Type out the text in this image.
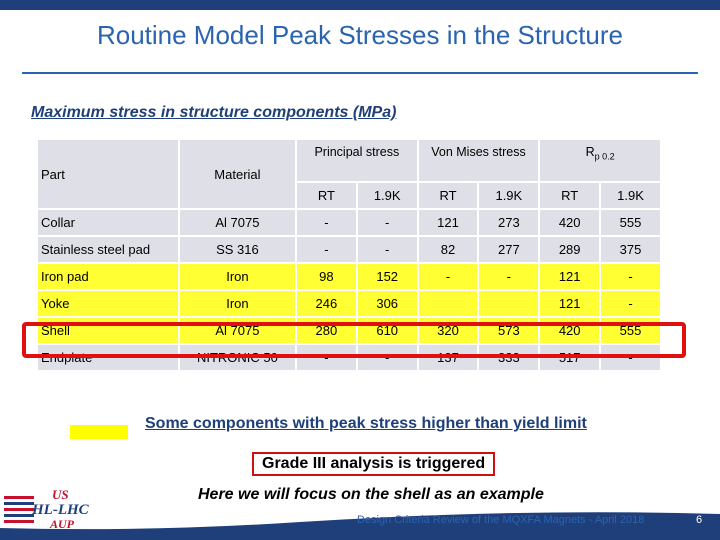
Routine Model Peak Stresses in the Structure
Maximum stress in structure components (MPa)
Part	Material	Principal stress		Von Mises stress		$R_{p 0.2}$
		RT	1.9K	RT	1.9K	RT	1.9K
Collar	Al 7075	-	-	121	273	420	555
Stainless steel pad	SS 316	-	-	82	277	289	375
Iron pad	Iron	98	152	-	-	121	-
Yoke	Iron	246	306			121	-
Shell	Al 7075	280	610	320	573	420	555
Endplate	NITRONIC 50	-	-	137	333	517	-
Some components with peak stress higher than yield limit
Grade III analysis is triggered
Here we will focus on the shell as an example
US
HL-LHC
AUP	Design Criteria Review of the MQXFA Magnets - April 2018	6
